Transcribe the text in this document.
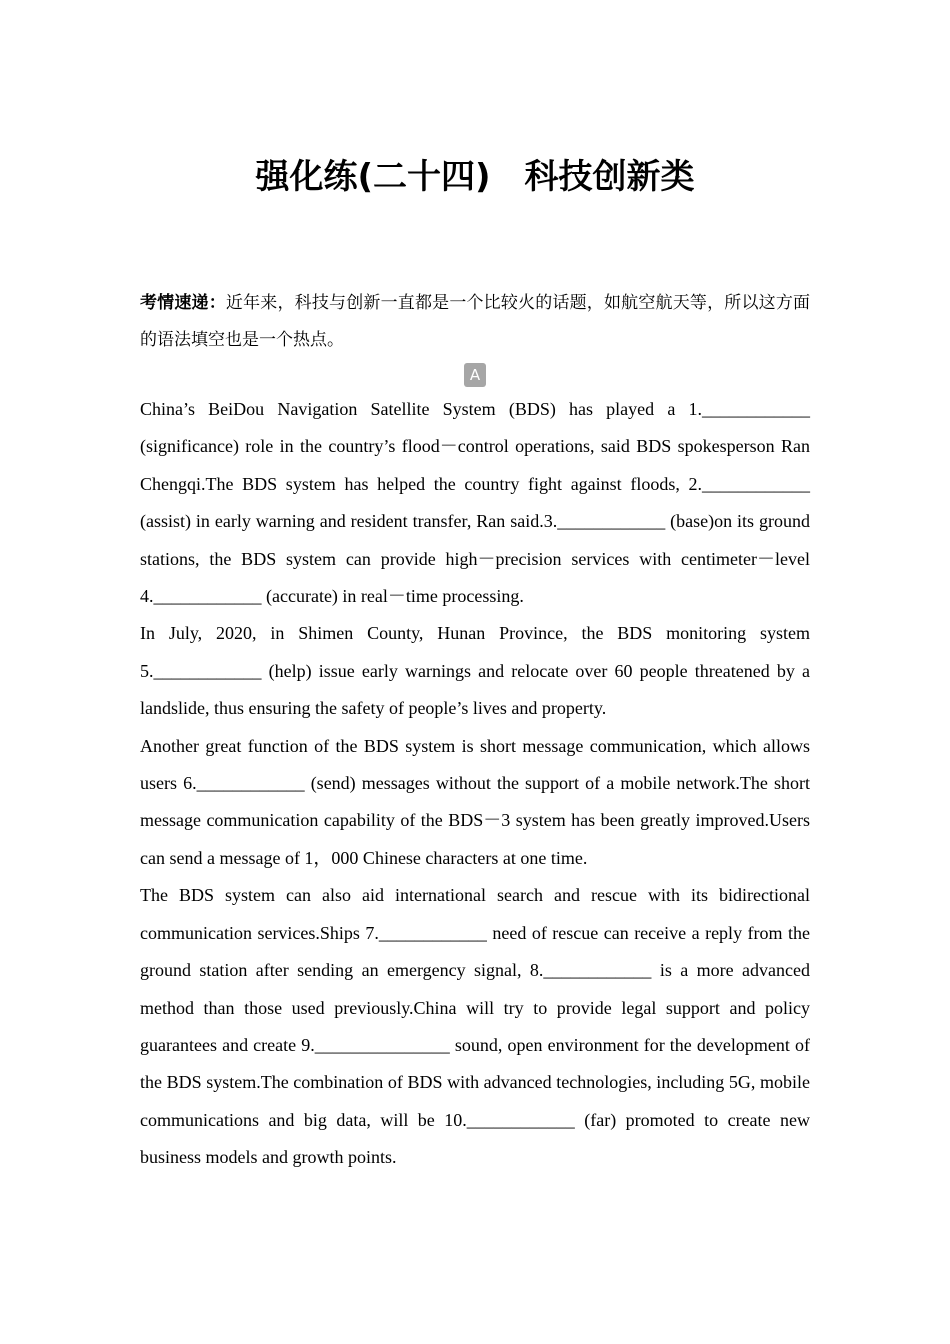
强化练(二十四)　科技创新类
考情速递：近年来，科技与创新一直都是一个比较火的话题，如航空航天等，所以这方面的语法填空也是一个热点。
A

China’s BeiDou Navigation Satellite System (BDS) has played a 1.____________ (significance) role in the country’s flood－control operations, said BDS spokesperson Ran Chengqi.The BDS system has helped the country fight against floods, 2.____________ (assist) in early warning and resident transfer, Ran said.3.____________ (base)on its ground stations, the BDS system can provide high－precision services with centimeter－level 4.____________ (accurate) in real－time processing.

In July, 2020, in Shimen County, Hunan Province, the BDS monitoring system 5.____________ (help) issue early warnings and relocate over 60 people threatened by a landslide, thus ensuring the safety of people’s lives and property.

Another great function of the BDS system is short message communication, which allows users 6.____________ (send) messages without the support of a mobile network.The short message communication capability of the BDS－3 system has been greatly improved.Users can send a message of 1，000 Chinese characters at one time.

The BDS system can also aid international search and rescue with its bidirectional communication services.Ships 7.____________ need of rescue can receive a reply from the ground station after sending an emergency signal, 8.____________ is a more advanced method than those used previously.China will try to provide legal support and policy guarantees and create 9._______________ sound, open environment for the development of the BDS system.The combination of BDS with advanced technologies, including 5G, mobile communications and big data, will be 10.____________ (far) promoted to create new business models and growth points.
